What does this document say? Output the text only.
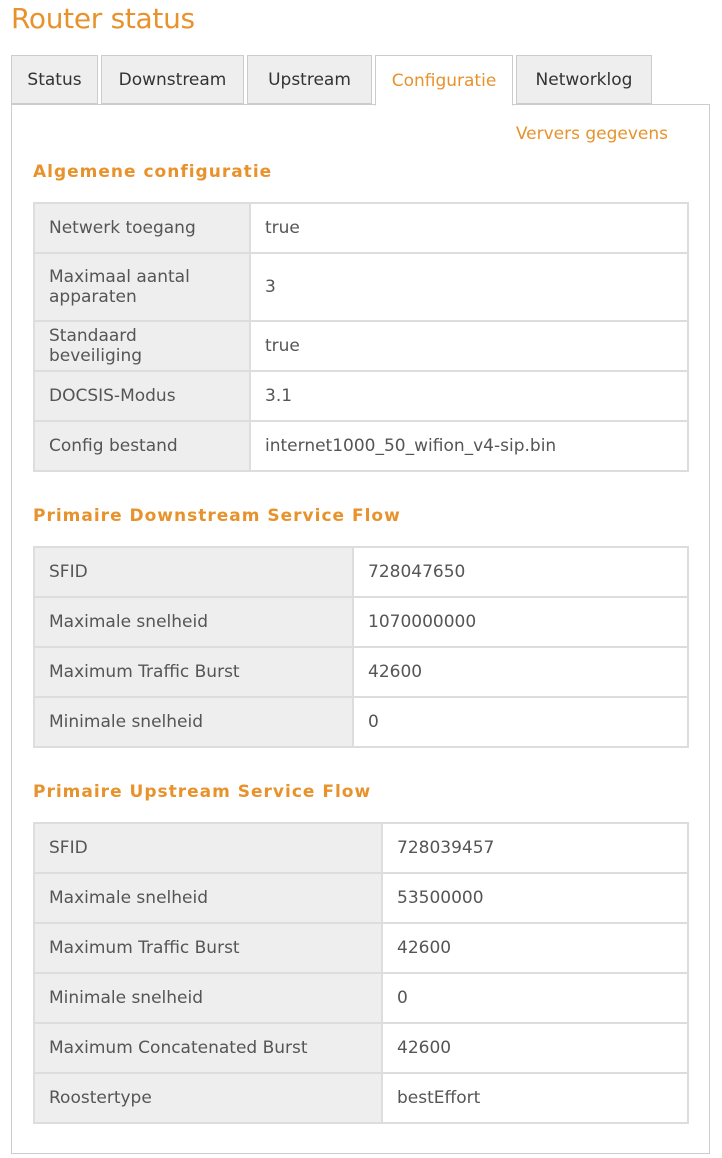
Router status
Status	Downstream	Upstream	Configuratie	Networklog
Ververs gegevens
Algemene configuratie
Netwerk toegang	true
Maximaal aantal apparaten	3
Standaard beveiliging	true
DOCSIS-Modus	3.1
Config bestand	internet1000_50_wifion_v4-sip.bin
Primaire Downstream Service Flow
SFID	728047650
Maximale snelheid	1070000000
Maximum Traffic Burst	42600
Minimale snelheid	0
Primaire Upstream Service Flow
SFID	728039457
Maximale snelheid	53500000
Maximum Traffic Burst	42600
Minimale snelheid	0
Maximum Concatenated Burst	42600
Roostertype	bestEffort
